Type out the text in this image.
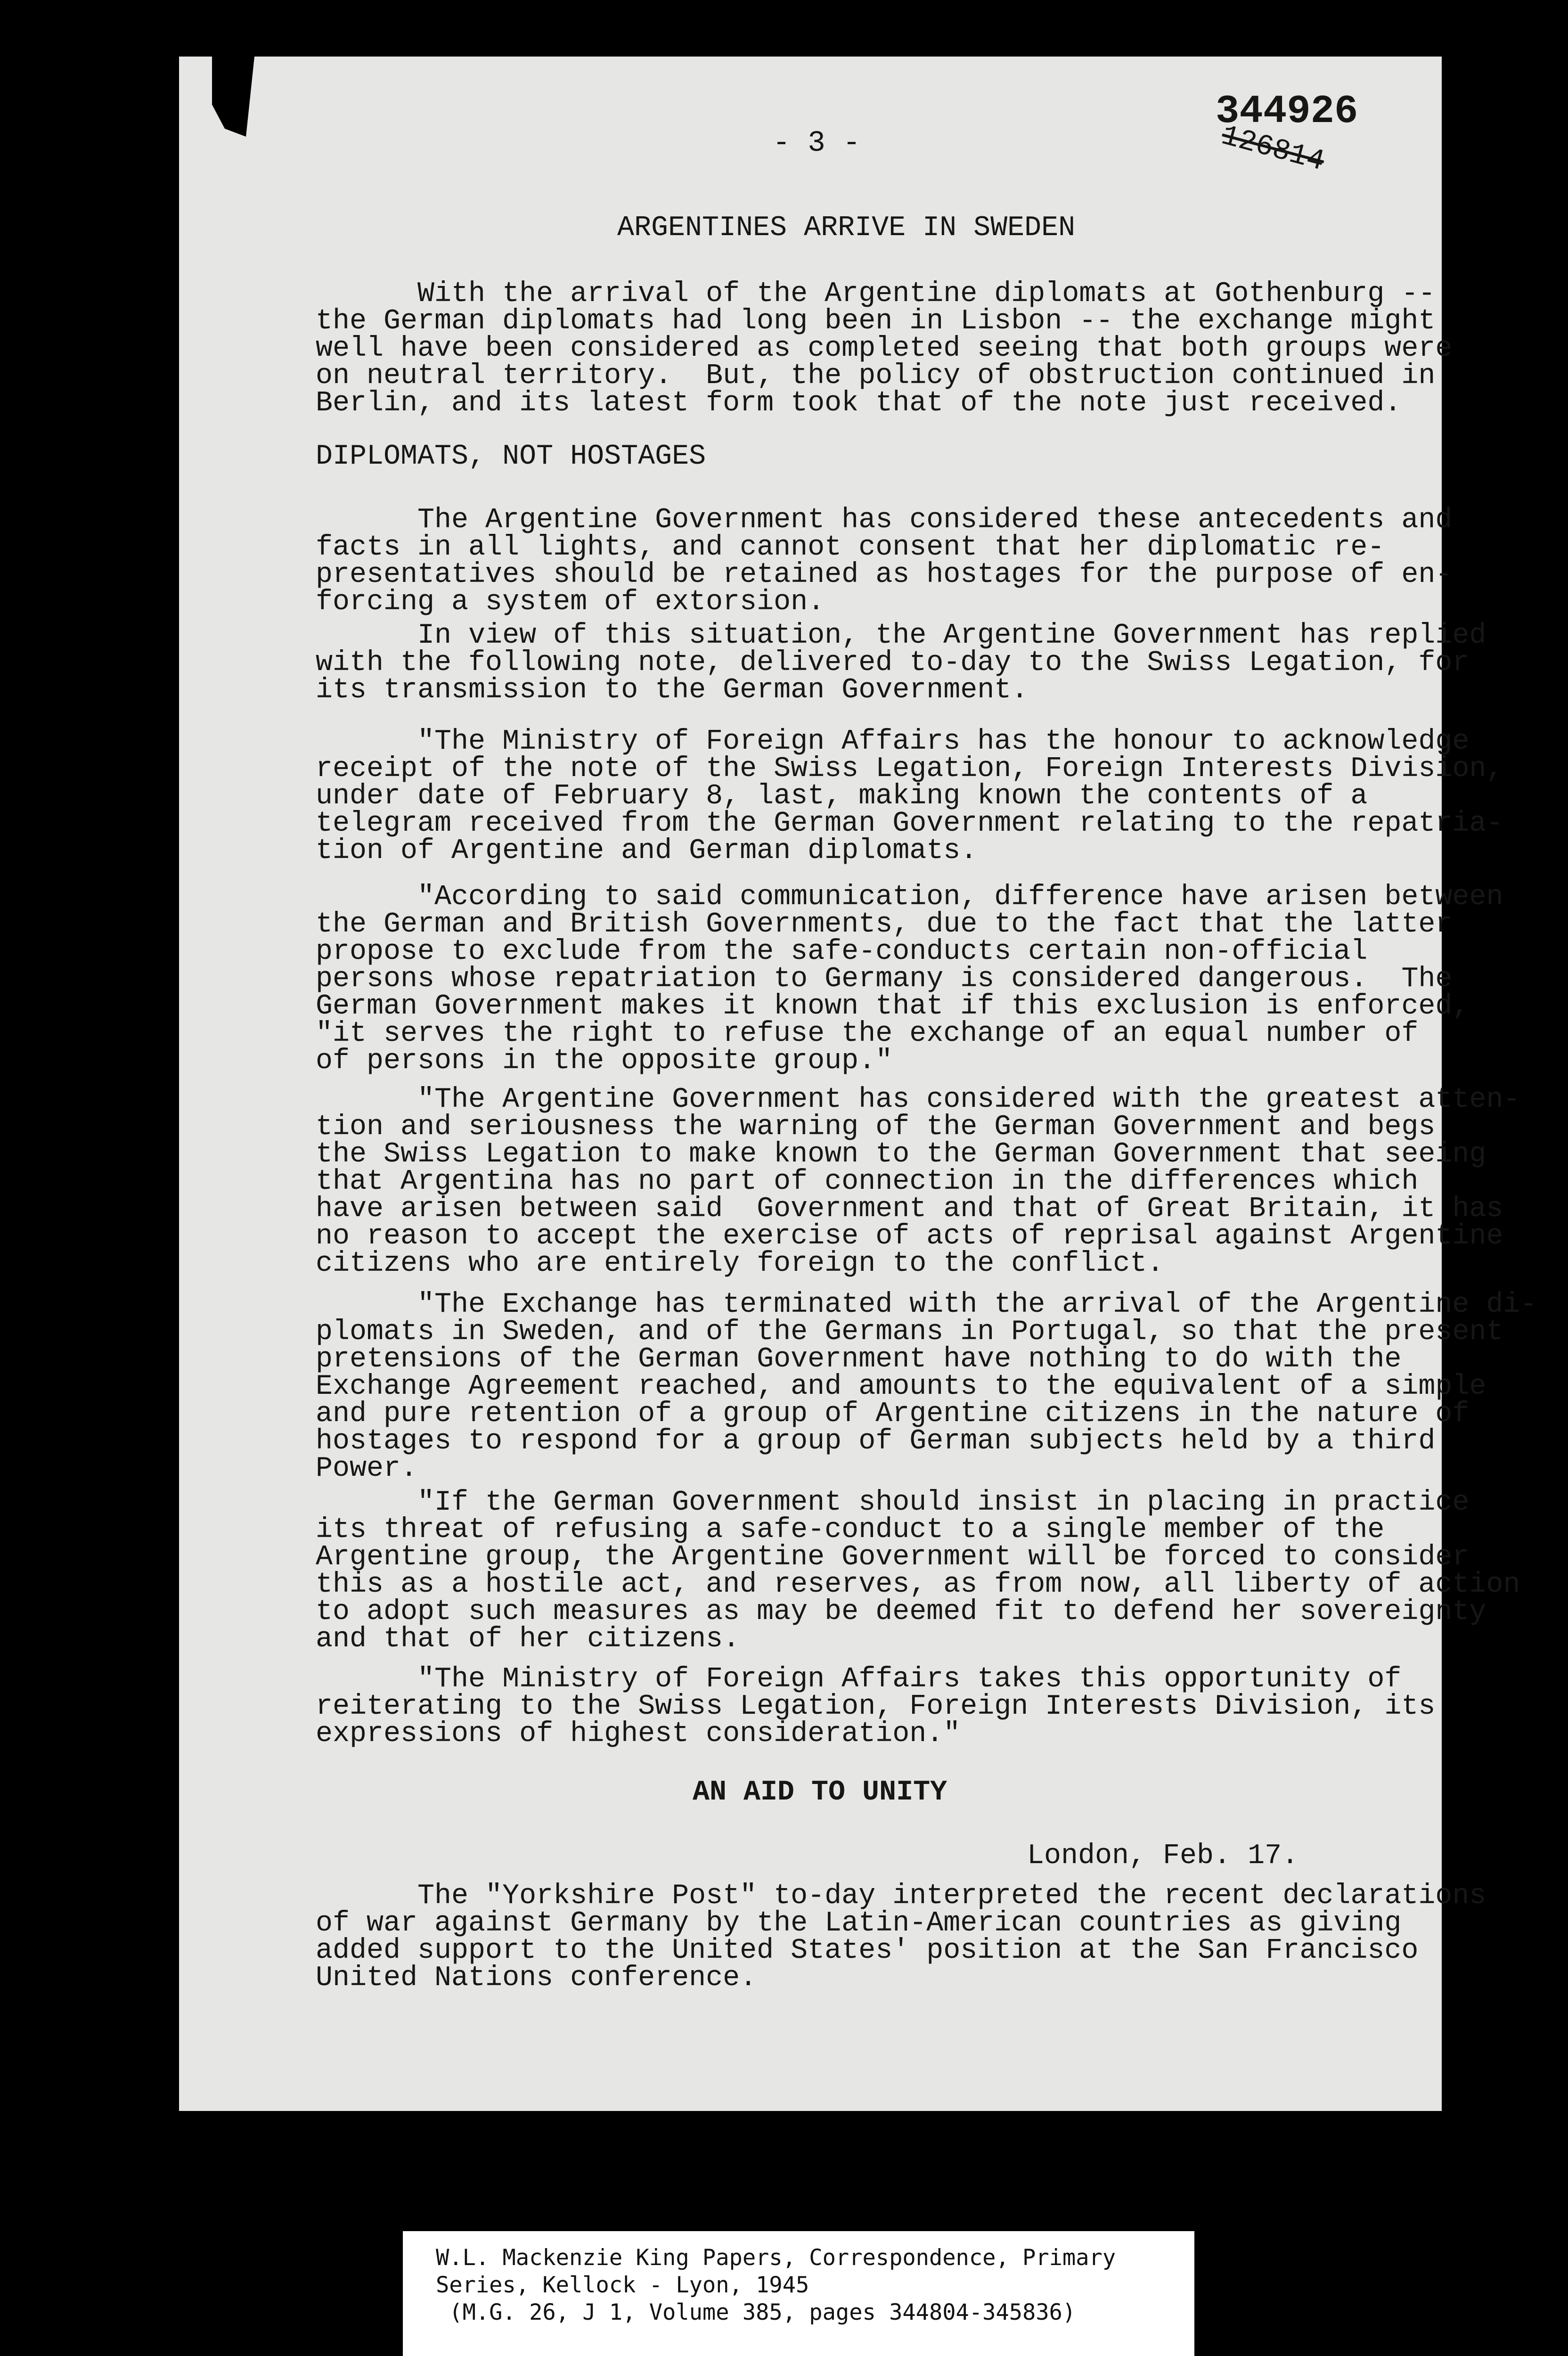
- 3 -
344926
126814
ARGENTINES ARRIVE IN SWEDEN

With the arrival of the Argentine diplomats at Gothenburg --
the German diplomats had long been in Lisbon -- the exchange might
well have been considered as completed seeing that both groups were
on neutral territory.  But, the policy of obstruction continued in
Berlin, and its latest form took that of the note just received.

DIPLOMATS, NOT HOSTAGES

The Argentine Government has considered these antecedents and
facts in all lights, and cannot consent that her diplomatic re-
presentatives should be retained as hostages for the purpose of en-
forcing a system of extorsion.

In view of this situation, the Argentine Government has replied
with the following note, delivered to-day to the Swiss Legation, for
its transmission to the German Government.

"The Ministry of Foreign Affairs has the honour to acknowledge
receipt of the note of the Swiss Legation, Foreign Interests Division,
under date of February 8, last, making known the contents of a
telegram received from the German Government relating to the repatria-
tion of Argentine and German diplomats.

"According to said communication, difference have arisen between
the German and British Governments, due to the fact that the latter
propose to exclude from the safe-conducts certain non-official
persons whose repatriation to Germany is considered dangerous.  The
German Government makes it known that if this exclusion is enforced,
"it serves the right to refuse the exchange of an equal number of
of persons in the opposite group."

"The Argentine Government has considered with the greatest atten-
tion and seriousness the warning of the German Government and begs
the Swiss Legation to make known to the German Government that seeing
that Argentina has no part of connection in the differences which
have arisen between said  Government and that of Great Britain, it has
no reason to accept the exercise of acts of reprisal against Argentine
citizens who are entirely foreign to the conflict.

"The Exchange has terminated with the arrival of the Argentine di-
plomats in Sweden, and of the Germans in Portugal, so that the present
pretensions of the German Government have nothing to do with the
Exchange Agreement reached, and amounts to the equivalent of a simple
and pure retention of a group of Argentine citizens in the nature of
hostages to respond for a group of German subjects held by a third
Power.

"If the German Government should insist in placing in practice
its threat of refusing a safe-conduct to a single member of the
Argentine group, the Argentine Government will be forced to consider
this as a hostile act, and reserves, as from now, all liberty of action
to adopt such measures as may be deemed fit to defend her sovereignty
and that of her citizens.

"The Ministry of Foreign Affairs takes this opportunity of
reiterating to the Swiss Legation, Foreign Interests Division, its
expressions of highest consideration."

AN AID TO UNITY
London, Feb. 17.

The "Yorkshire Post" to-day interpreted the recent declarations
of war against Germany by the Latin-American countries as giving
added support to the United States' position at the San Francisco
United Nations conference.

W.L. Mackenzie King Papers, Correspondence, Primary
Series, Kellock - Lyon, 1945
(M.G. 26, J 1, Volume 385, pages 344804-345836)
